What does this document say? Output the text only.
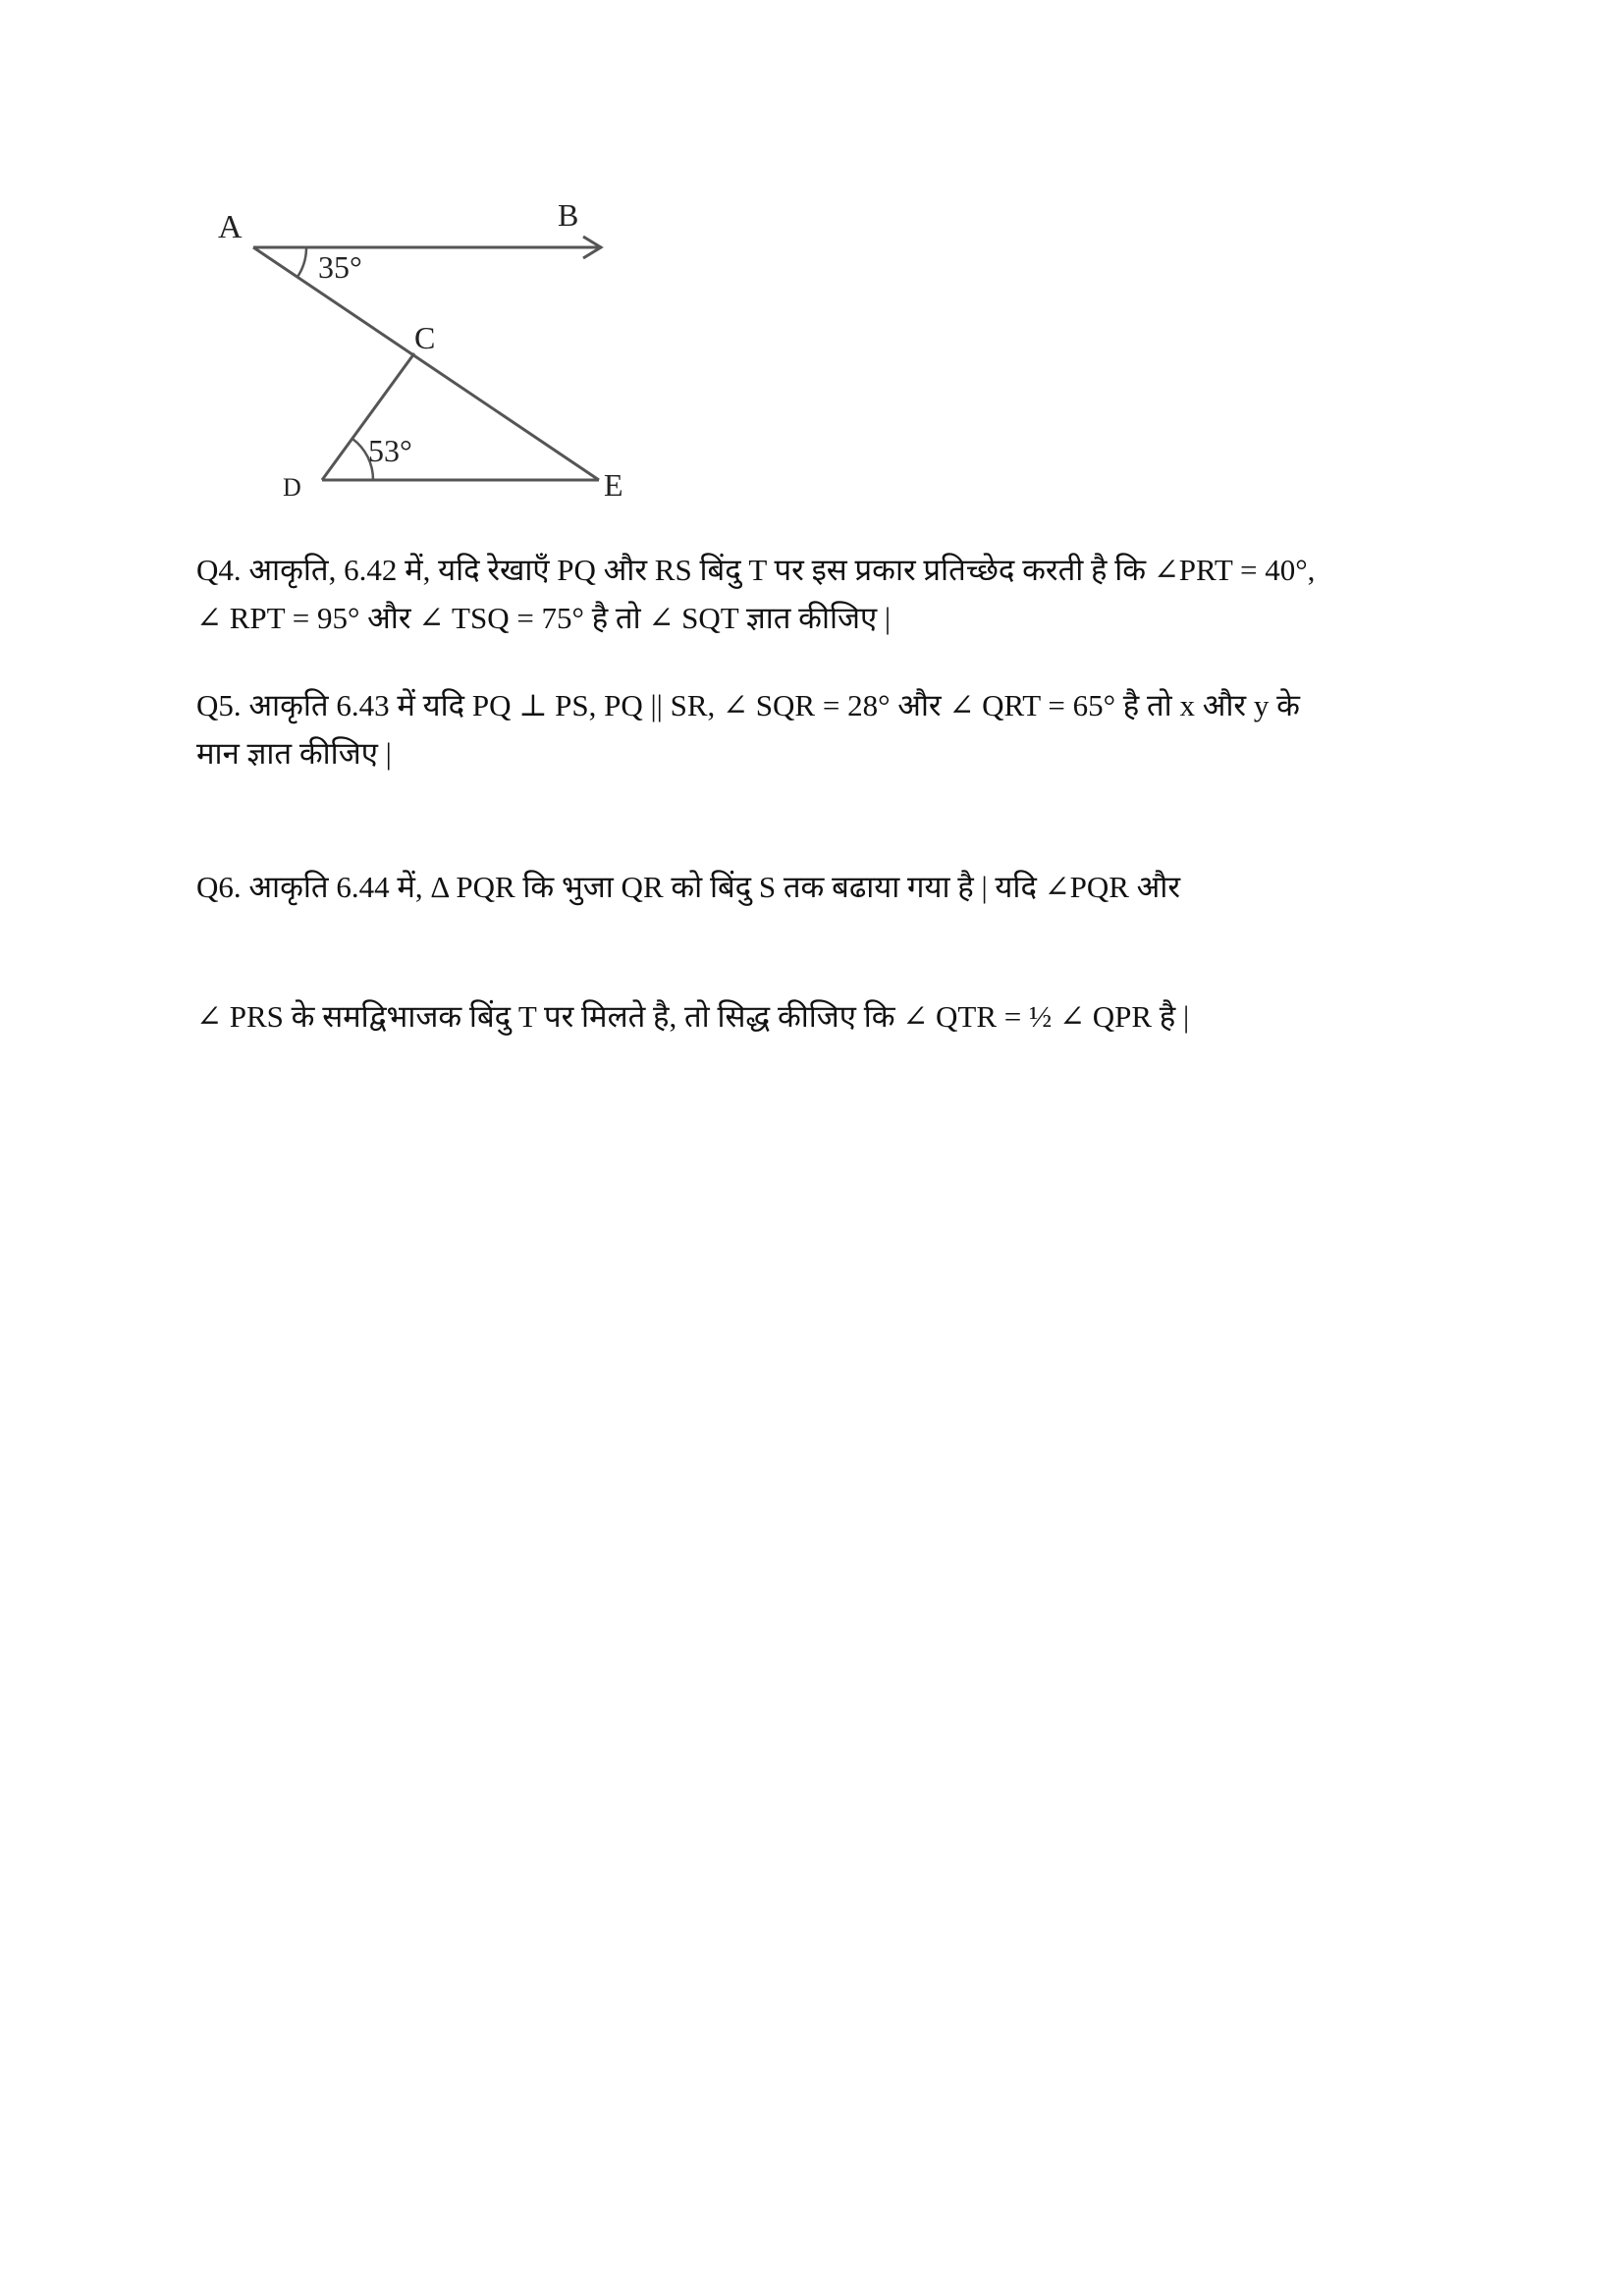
A	B
C
D	E
35°
53°

Q4. आकृति, 6.42 में, यदि रेखाएँ PQ और RS बिंदु T पर इस प्रकार प्रतिच्छेद करती है कि ∠PRT = 40°,
∠ RPT = 95° और ∠ TSQ = 75° है तो ∠ SQT ज्ञात कीजिए |

Q5. आकृति 6.43 में यदि PQ ⊥ PS, PQ || SR, ∠ SQR = 28° और ∠ QRT = 65° है तो x और y के
मान ज्ञात कीजिए |

Q6. आकृति 6.44 में, Δ PQR कि भुजा QR को बिंदु S तक बढाया गया है | यदि ∠PQR और

∠ PRS के समद्विभाजक बिंदु T पर मिलते है, तो सिद्ध कीजिए कि ∠ QTR = ½ ∠ QPR है |
